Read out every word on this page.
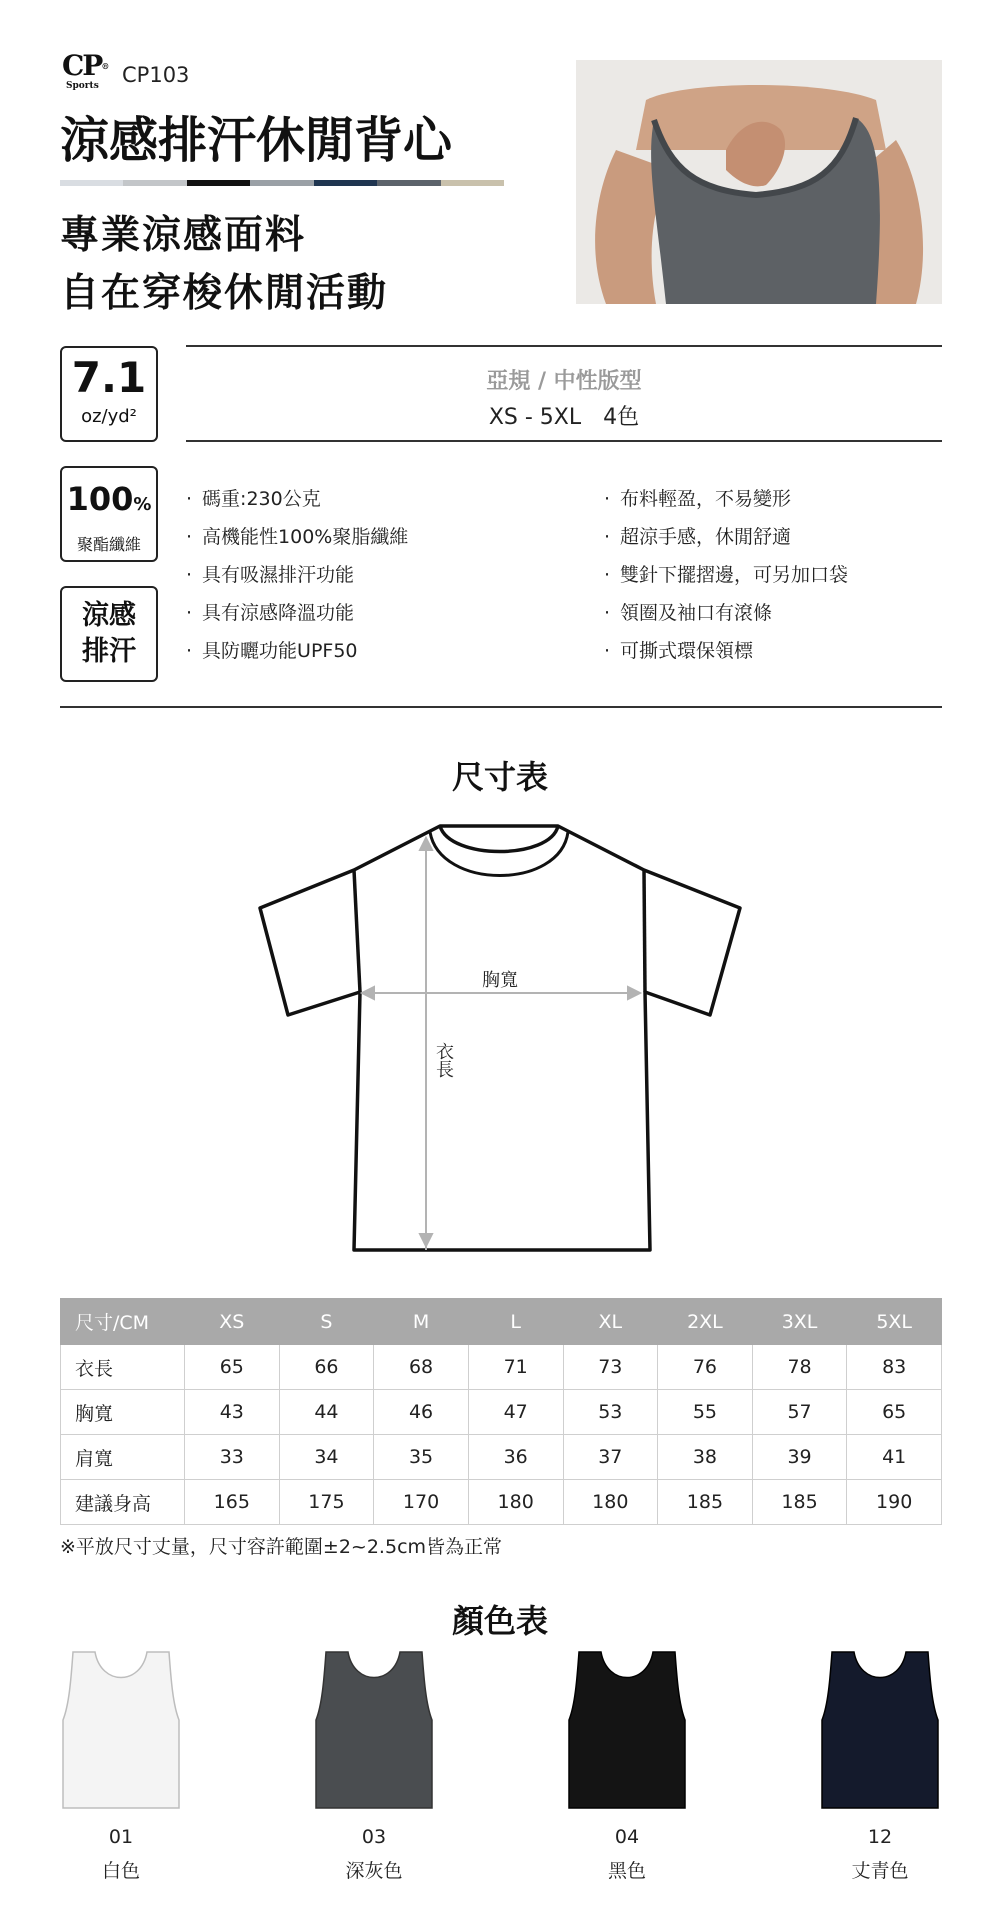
CP®
Sports	CP103
涼感排汗休閒背心
專業涼感面料
自在穿梭休閒活動
7.1
oz/yd²
100%
聚酯纖維
涼感
排汗
亞規 / 中性版型
XS - 5XL　4色
· 碼重:230公克
· 高機能性100%聚脂纖維
· 具有吸濕排汗功能
· 具有涼感降溫功能
· 具防曬功能UPF50
· 布料輕盈，不易變形
· 超涼手感，休閒舒適
· 雙針下擺摺邊，可另加口袋
· 領圈及袖口有滾條
· 可撕式環保領標
尺寸表
胸寬
衣長
尺寸/CM	XS	S	M	L	XL	2XL	3XL	5XL
衣長	65	66	68	71	73	76	78	83
胸寬	43	44	46	47	53	55	57	65
肩寬	33	34	35	36	37	38	39	41
建議身高	165	175	170	180	180	185	185	190
※平放尺寸丈量，尺寸容許範圍±2~2.5cm皆為正常
顏色表
01
白色
03
深灰色
04
黑色
12
丈青色
